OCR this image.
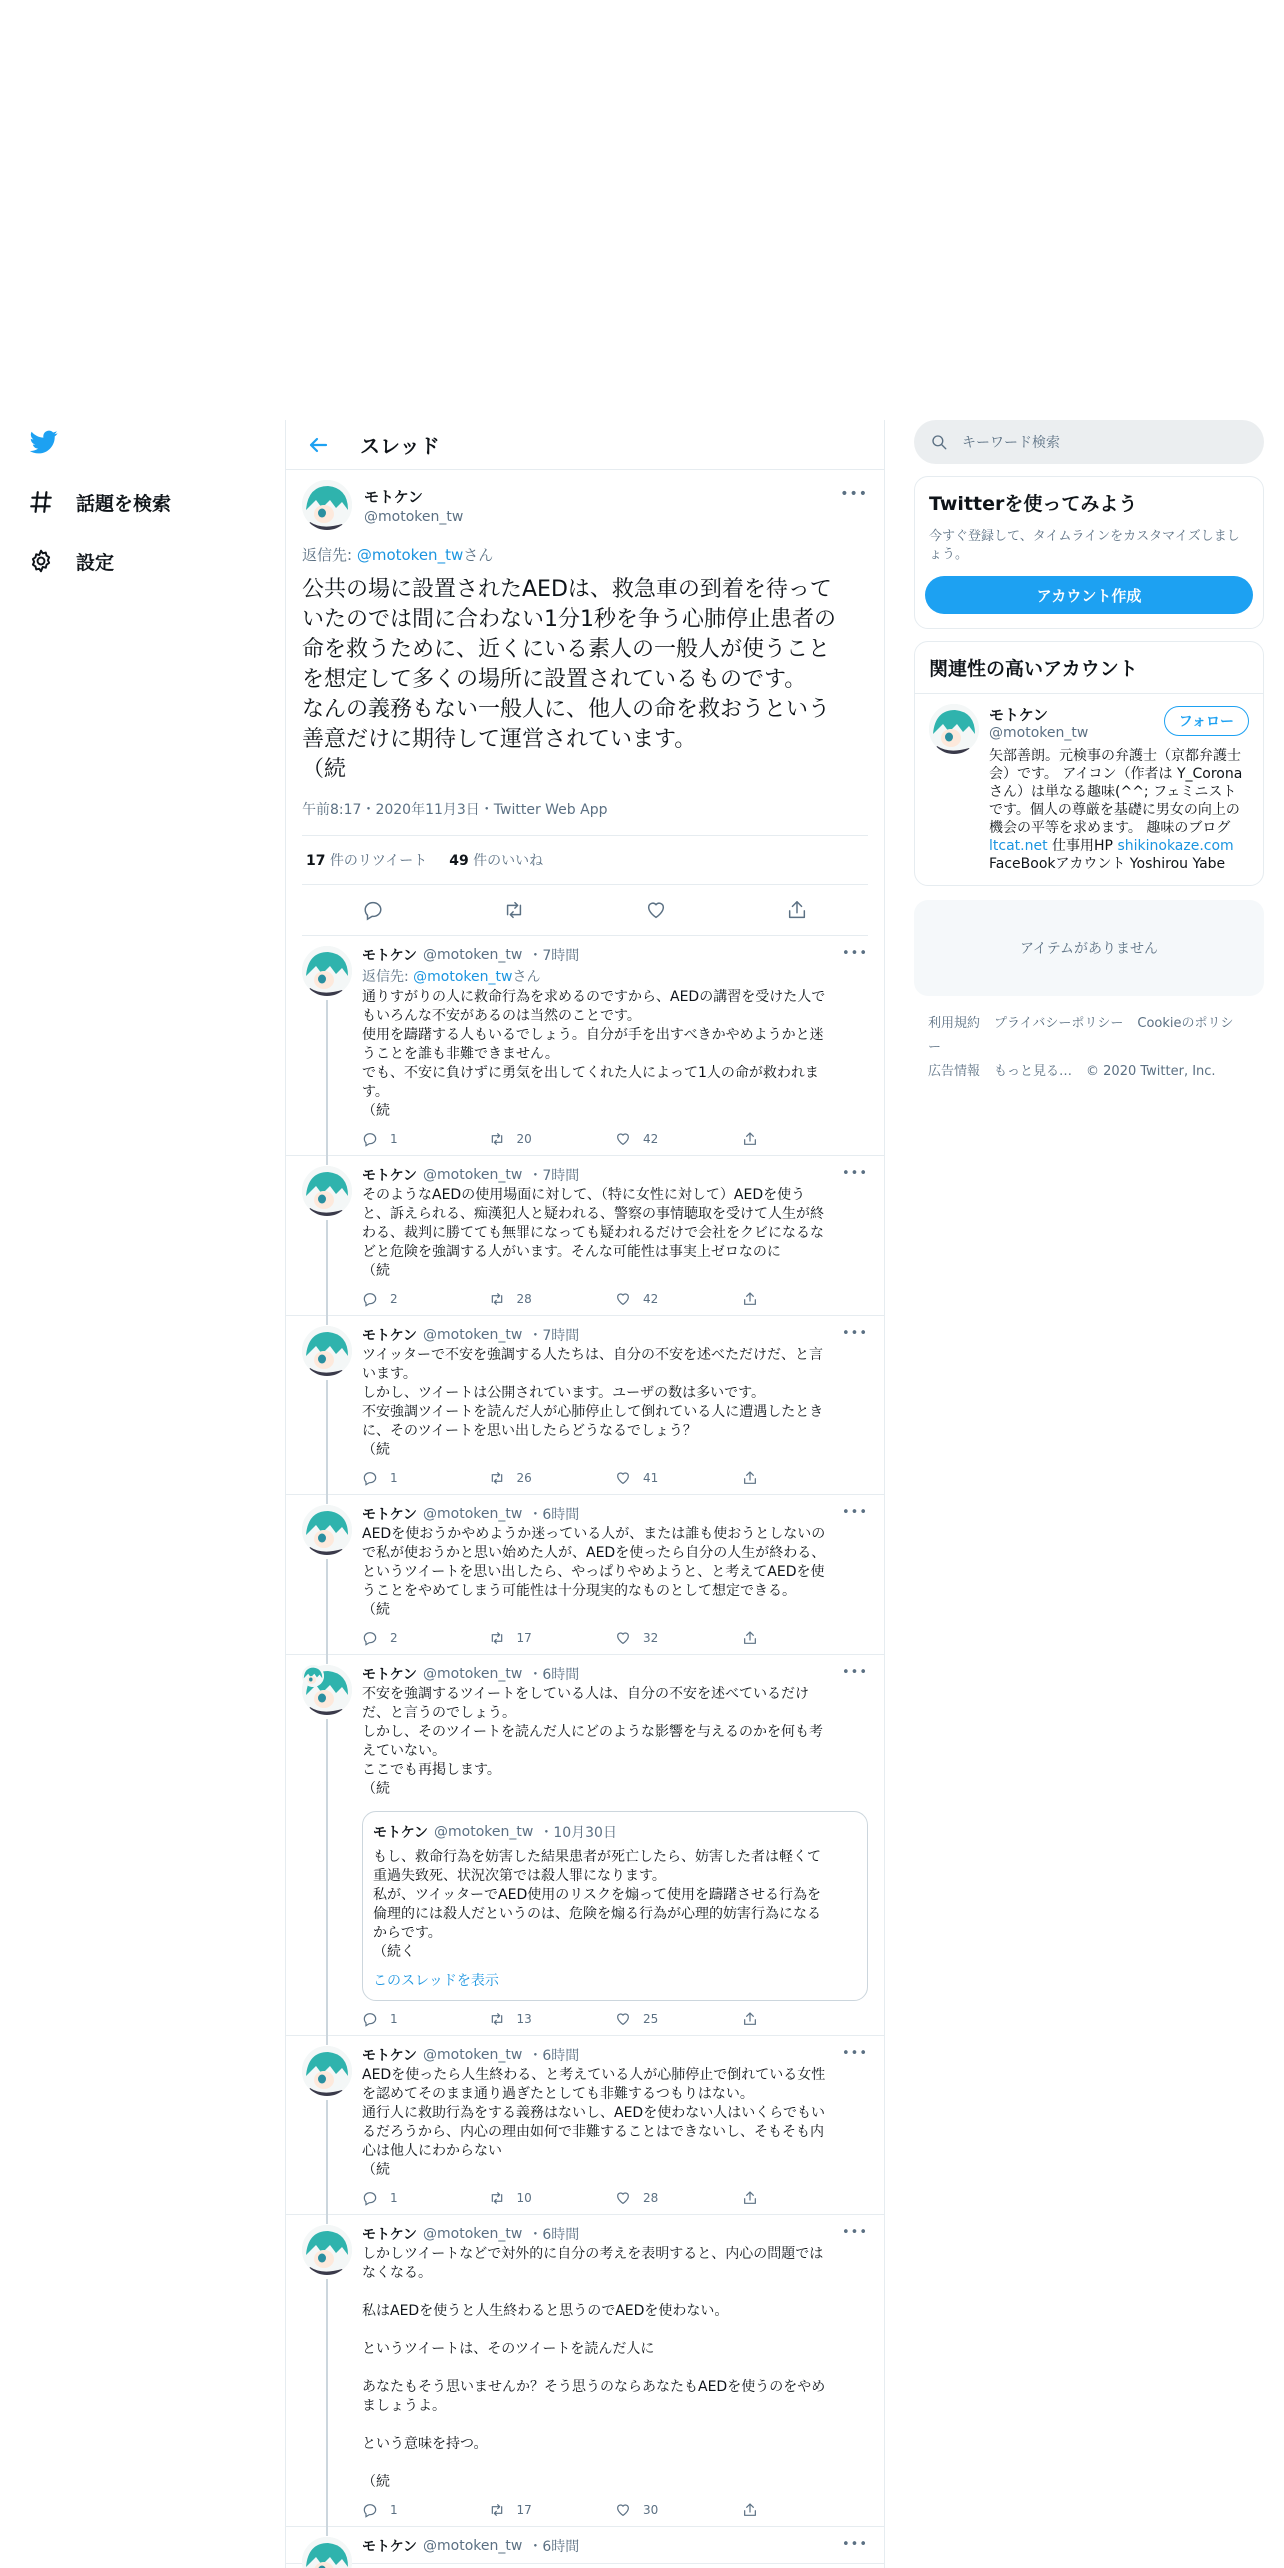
話題を検索
設定
スレッド
モトケン
@motoken_tw
•••
返信先: @motoken_twさん
公共の場に設置されたAEDは、救急車の到着を待って
いたのでは間に合わない1分1秒を争う心肺停止患者の
命を救うために、近くにいる素人の一般人が使うこと
を想定して多くの場所に設置されているものです。
なんの義務もない一般人に、他人の命を救おうという
善意だけに期待して運営されています。
（続
午前8:17・2020年11月3日・Twitter Web App
17 件のリツイート 49 件のいいね
•••
モトケン @motoken_tw ・7時間
返信先: @motoken_twさん
通りすがりの人に救命行為を求めるのですから、AEDの講習を受けた人で
もいろんな不安があるのは当然のことです。
使用を躊躇する人もいるでしょう。自分が手を出すべきかやめようかと迷
うことを誰も非難できません。
でも、不安に負けずに勇気を出してくれた人によって1人の命が救われま
す。
（続
1	20	42
•••
モトケン @motoken_tw ・7時間
そのようなAEDの使用場面に対して、（特に女性に対して）AEDを使う
と、訴えられる、痴漢犯人と疑われる、警察の事情聴取を受けて人生が終
わる、裁判に勝てても無罪になっても疑われるだけで会社をクビになるな
どと危険を強調する人がいます。そんな可能性は事実上ゼロなのに
（続
2	28	42
•••
モトケン @motoken_tw ・7時間
ツイッターで不安を強調する人たちは、自分の不安を述べただけだ、と言
います。
しかし、ツイートは公開されています。ユーザの数は多いです。
不安強調ツイートを読んだ人が心肺停止して倒れている人に遭遇したとき
に、そのツイートを思い出したらどうなるでしょう？
（続
1	26	41
•••
モトケン @motoken_tw ・6時間
AEDを使おうかやめようか迷っている人が、または誰も使おうとしないの
で私が使おうかと思い始めた人が、AEDを使ったら自分の人生が終わる、
というツイートを思い出したら、やっぱりやめようと、と考えてAEDを使
うことをやめてしまう可能性は十分現実的なものとして想定できる。
（続
2	17	32
•••
モトケン @motoken_tw ・6時間
不安を強調するツイートをしている人は、自分の不安を述べているだけ
だ、と言うのでしょう。
しかし、そのツイートを読んだ人にどのような影響を与えるのかを何も考
えていない。
ここでも再掲します。
（続
モトケン @motoken_tw ・10月30日
もし、救命行為を妨害した結果患者が死亡したら、妨害した者は軽くて
重過失致死、状況次第では殺人罪になります。
私が、ツイッターでAED使用のリスクを煽って使用を躊躇させる行為を
倫理的には殺人だというのは、危険を煽る行為が心理的妨害行為になる
からです。
（続く
このスレッドを表示
1	13	25
•••
モトケン @motoken_tw ・6時間
AEDを使ったら人生終わる、と考えている人が心肺停止で倒れている女性
を認めてそのまま通り過ぎたとしても非難するつもりはない。
通行人に救助行為をする義務はないし、AEDを使わない人はいくらでもい
るだろうから、内心の理由如何で非難することはできないし、そもそも内
心は他人にわからない
（続
1	10	28
•••
モトケン @motoken_tw ・6時間
しかしツイートなどで対外的に自分の考えを表明すると、内心の問題では
なくなる。

私はAEDを使うと人生終わると思うのでAEDを使わない。

というツイートは、そのツイートを読んだ人に

あなたもそう思いませんか？そう思うのならあなたもAEDを使うのをやめ
ましょうよ。

という意味を持つ。

（続
1	17	30
•••
モトケン @motoken_tw ・6時間
キーワード検索
Twitterを使ってみよう
今すぐ登録して、タイムラインをカスタマイズしましょう。
アカウント作成
関連性の高いアカウント
モトケン
@motoken_tw
矢部善朗。元検事の弁護士（京都弁護士会）です。 アイコン（作者は Y_Coronaさん）は単なる趣味(^^; フェミニストです。個人の尊厳を基礎に男女の向上の機会の平等を求めます。 趣味のブログ ltcat.net 仕事用HP shikinokaze.com FaceBookアカウント Yoshirou Yabe
フォロー
アイテムがありません
利用規約 プライバシーポリシー Cookieのポリシー
広告情報 もっと見る… © 2020 Twitter, Inc.
